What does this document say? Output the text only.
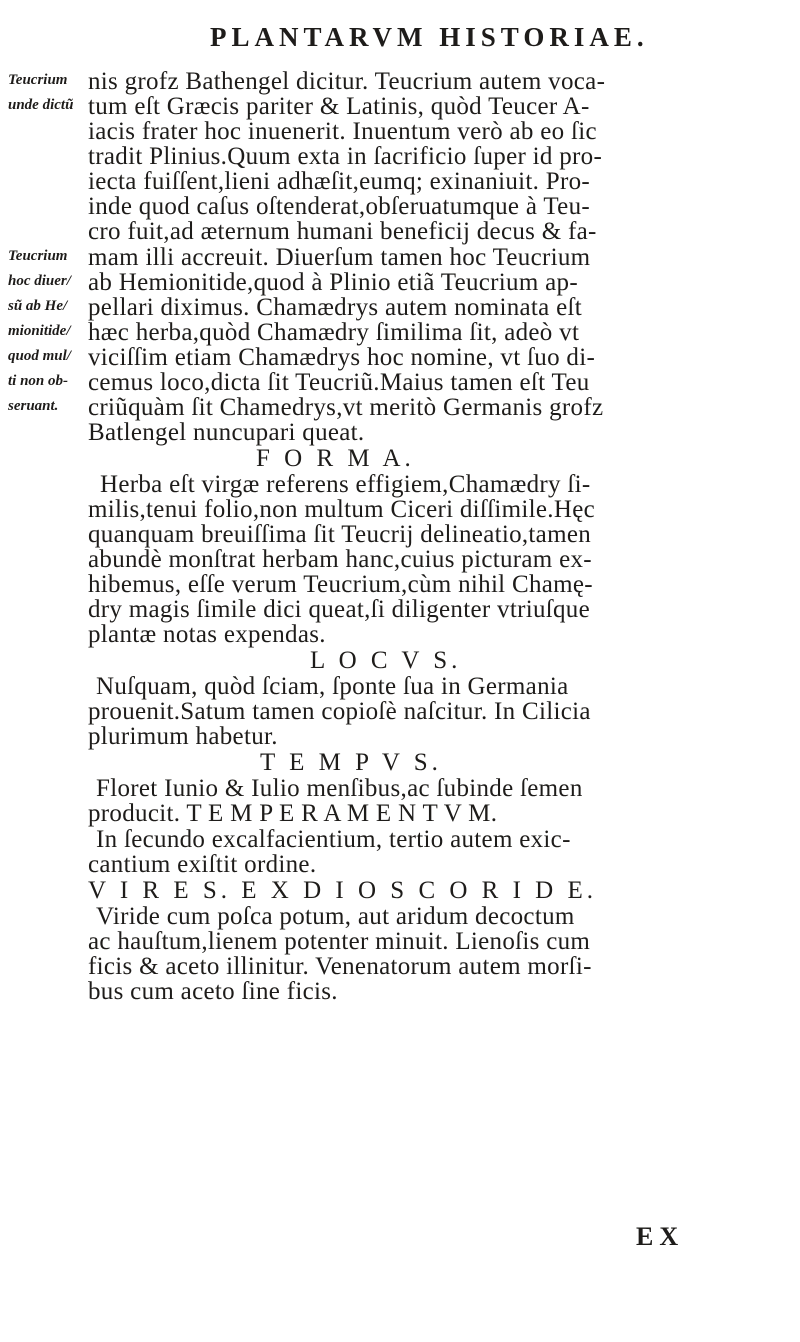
PLANTARVM HISTORIAE.
Teucrium
unde dictũ
Teucrium
hoc diuer/
sũ ab He/
mionitide/
quod mul/
ti non ob-
seruant.
nis grofz Bathengel dicitur. Teucrium autem voca-
tum eſt Græcis pariter & Latinis, quòd Teucer A-
iacis frater hoc inuenerit. Inuentum verò ab eo ſic
tradit Plinius.Quum exta in ſacrificio ſuper id pro-
iecta fuiſſent,lieni adhæſit,eumq; exinaniuit. Pro-
inde quod caſus oſtenderat,obſeruatumque à Teu-
cro fuit,ad æternum humani beneficij decus & fa-
mam illi accreuit. Diuerſum tamen hoc Teucrium
ab Hemionitide,quod à Plinio etiã Teucrium ap-
pellari diximus. Chamædrys autem nominata eſt
hæc herba,quòd Chamædry ſimilima ſit, adeò vt
viciſſim etiam Chamædrys hoc nomine, vt ſuo di-
cemus loco,dicta ſit Teucriũ.Maius tamen eſt Teu
criũquàm ſit Chamedrys,vt meritò Germanis grofz
Batlengel nuncupari queat.
F O R M A.
Herba eſt virgæ referens effigiem,Chamædry ſi-
milis,tenui folio,non multum Ciceri diſſimile.Hęc
quanquam breuiſſima ſit Teucrij delineatio,tamen
abundè monſtrat herbam hanc,cuius picturam ex-
hibemus, eſſe verum Teucrium,cùm nihil Chamę-
dry magis ſimile dici queat,ſi diligenter vtriuſque
plantæ notas expendas.
L O C V S.
Nuſquam, quòd ſciam, ſponte ſua in Germania
prouenit.Satum tamen copioſè naſcitur. In Cilicia
plurimum habetur.
T E M P V S.
Floret Iunio & Iulio menſibus,ac ſubinde ſemen
producit. T E M P E R A M E N T V M.
In ſecundo excalfacientium, tertio autem exic-
cantium exiſtit ordine.
V I R E S. E X D I O S C O R I D E.
Viride cum poſca potum, aut aridum decoctum
ac hauſtum,lienem potenter minuit. Lienoſis cum
ficis & aceto illinitur. Venenatorum autem morſi-
bus cum aceto ſine ficis.
EX
